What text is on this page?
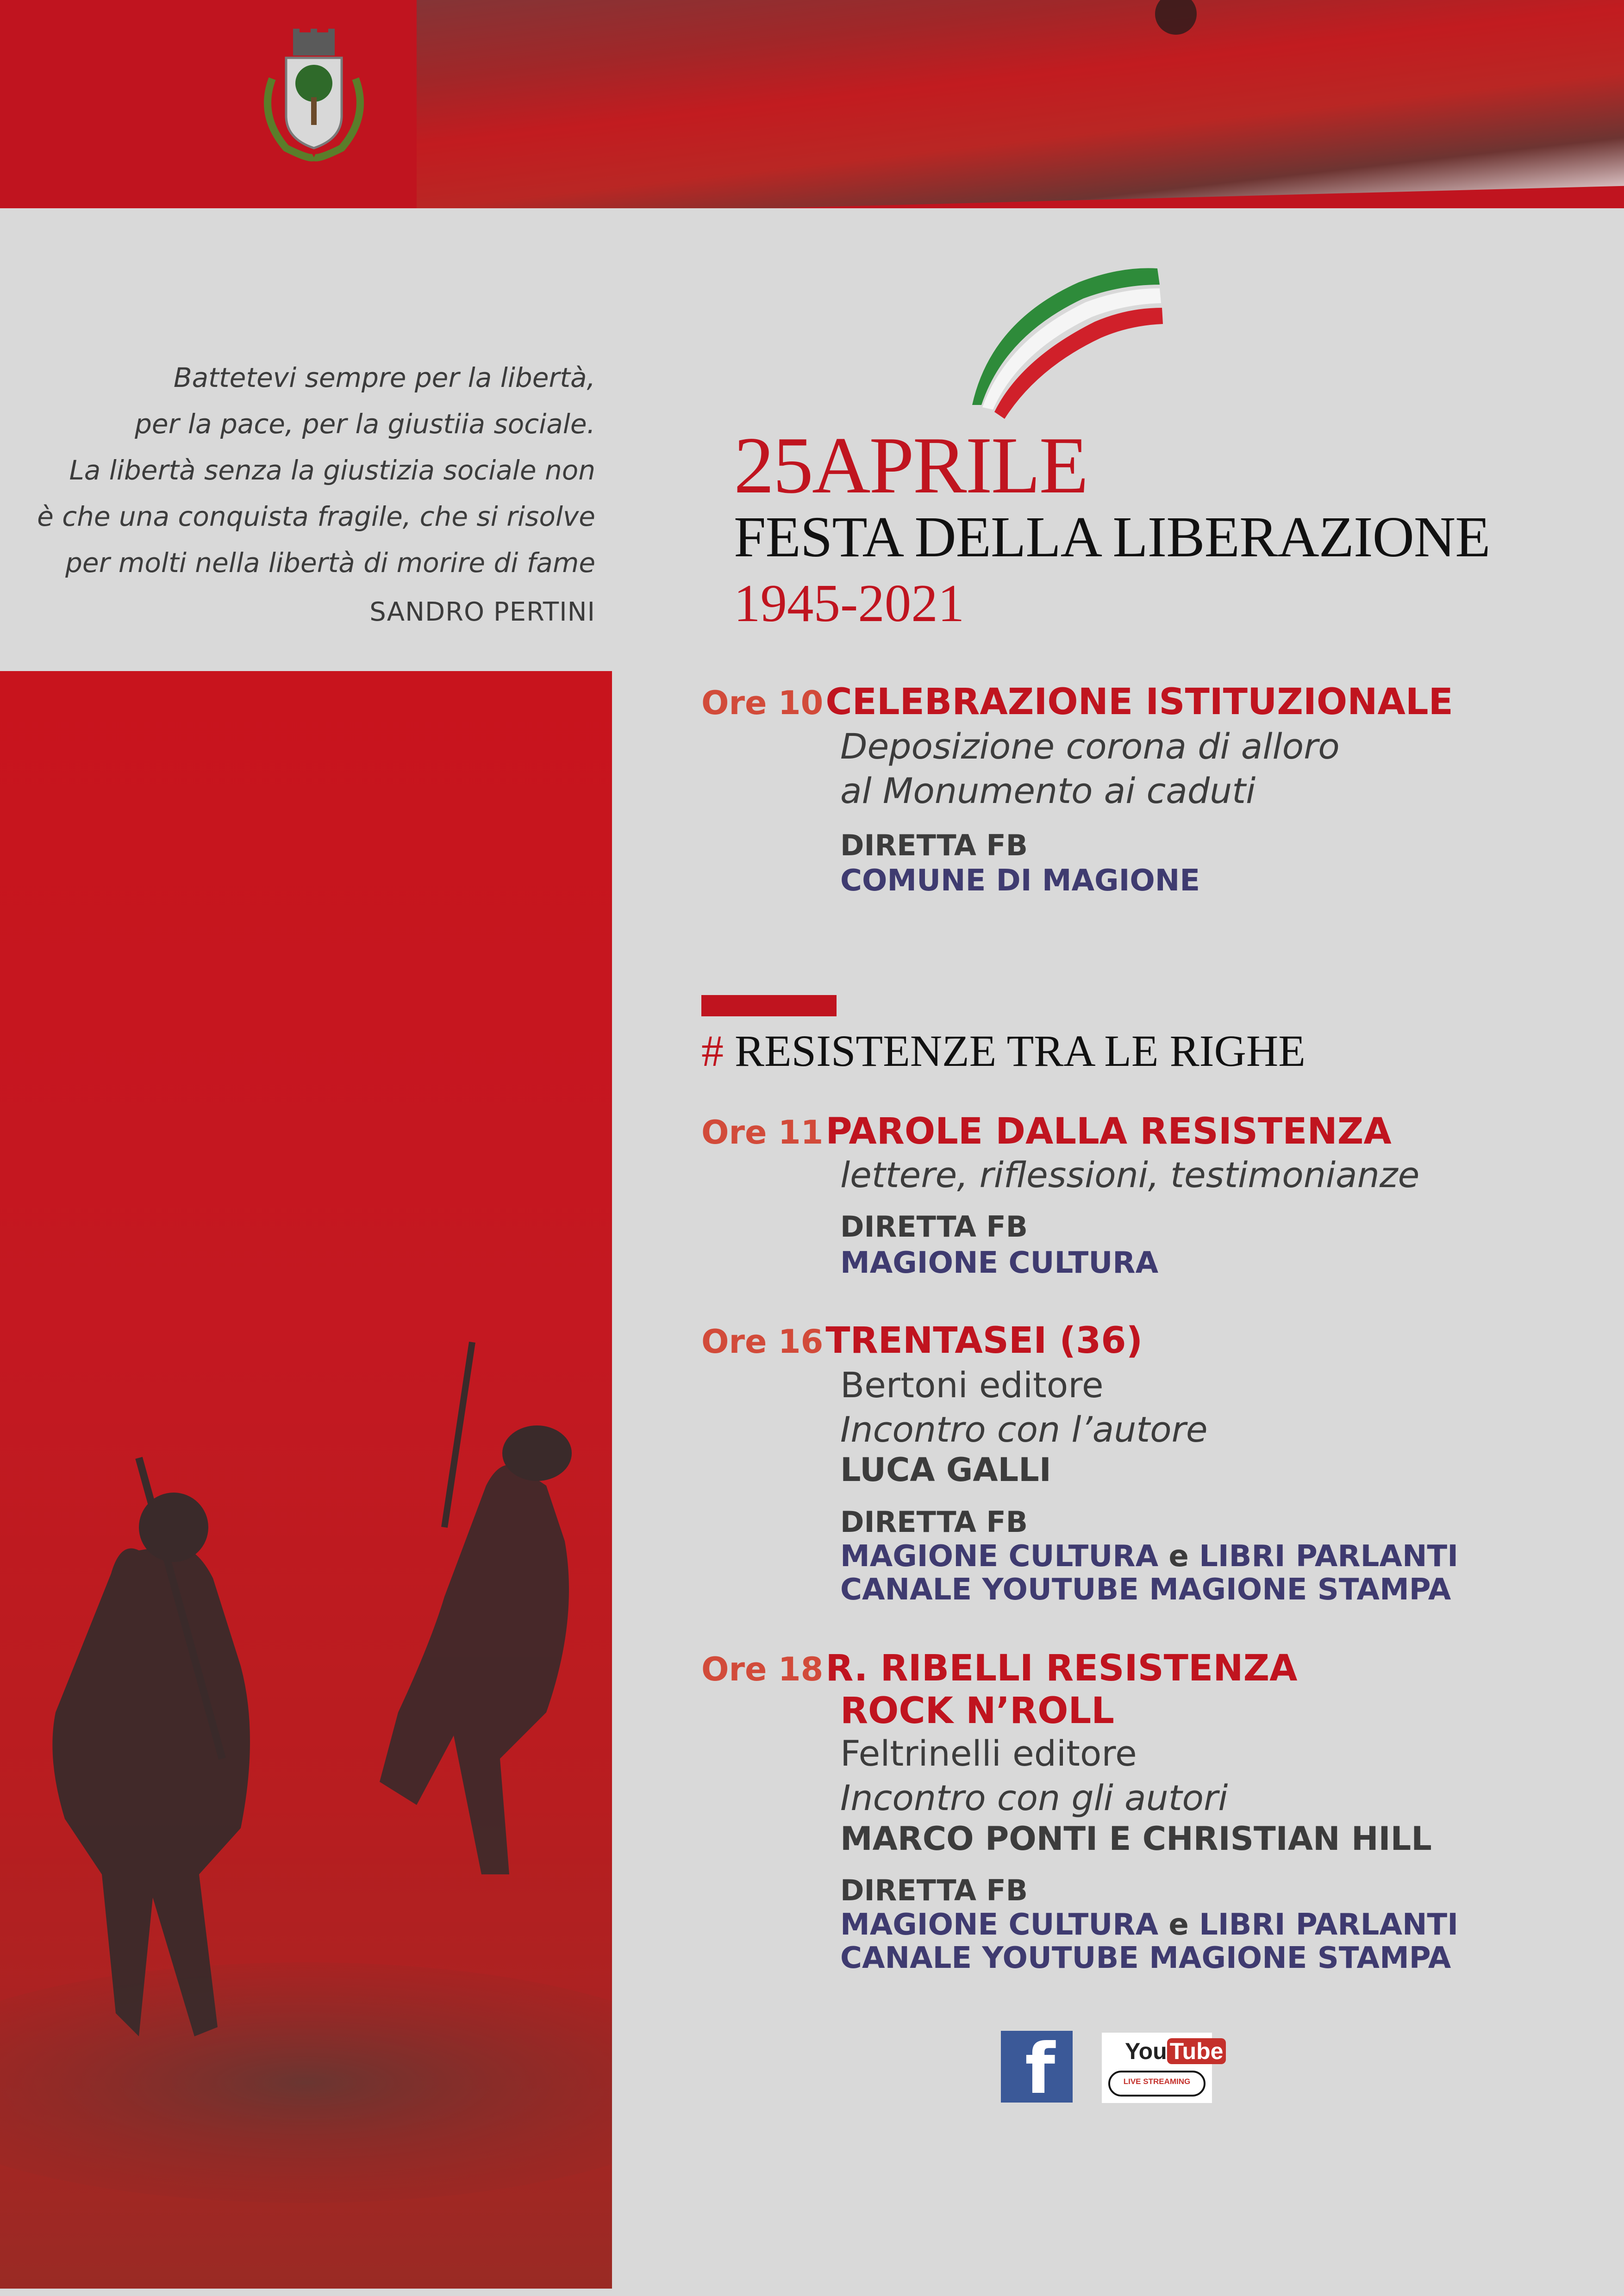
Battetevi sempre per la libertà,
per la pace, per la giustiia sociale.
La libertà senza la giustizia sociale non
è che una conquista fragile, che si risolve
per molti nella libertà di morire di fame
SANDRO PERTINI
25APRILE
FESTA DELLA LIBERAZIONE
1945-2021
Ore 10 CELEBRAZIONE ISTITUZIONALE
Deposizione corona di alloro
al Monumento ai caduti
DIRETTA FB
COMUNE DI MAGIONE
# RESISTENZE TRA LE RIGHE
Ore 11 PAROLE DALLA RESISTENZA
lettere, riflessioni, testimonianze
DIRETTA FB
MAGIONE CULTURA
Ore 16 TRENTASEI (36)
Bertoni editore
Incontro con l’autore
LUCA GALLI
DIRETTA FB
MAGIONE CULTURA e LIBRI PARLANTI
CANALE YOUTUBE MAGIONE STAMPA
Ore 18 R. RIBELLI RESISTENZA
ROCK N’ROLL
Feltrinelli editore
Incontro con gli autori
MARCO PONTI E CHRISTIAN HILL
DIRETTA FB
MAGIONE CULTURA e LIBRI PARLANTI
CANALE YOUTUBE MAGIONE STAMPA
f	You Tube
LIVE STREAMING
